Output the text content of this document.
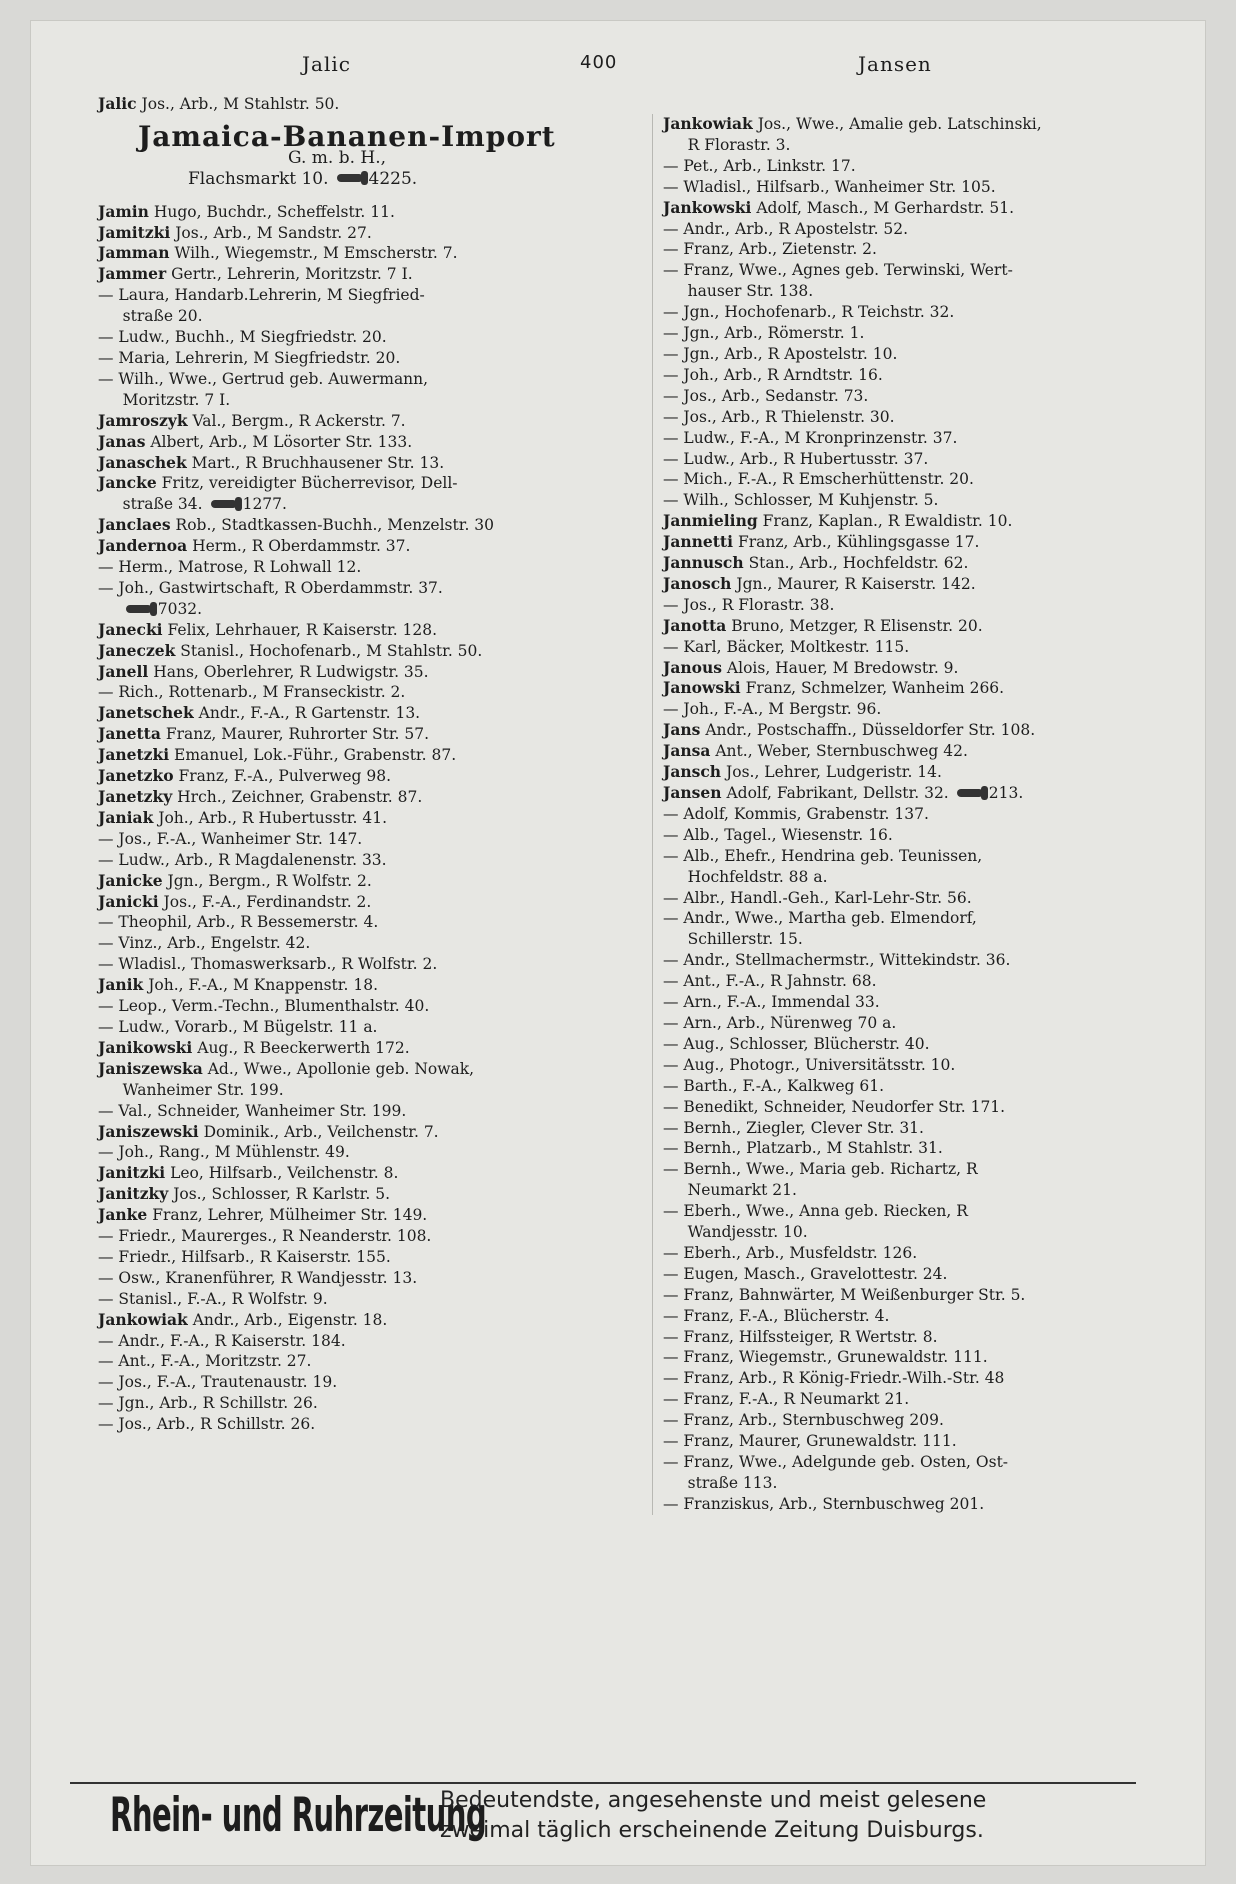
Jalic	400	Jansen
Jalic Jos., Arb., M Stahlstr. 50.
Jamaica-Bananen-Import
G. m. b. H.,
Flachsmarkt 10. 4225.
Jamin Hugo, Buchdr., Scheffelstr. 11.
Jamitzki Jos., Arb., M Sandstr. 27.
Jamman Wilh., Wiegemstr., M Emscherstr. 7.
Jammer Gertr., Lehrerin, Moritzstr. 7 I.
— Laura, Handarb.Lehrerin, M Siegfried-
straße 20.
— Ludw., Buchh., M Siegfriedstr. 20.
— Maria, Lehrerin, M Siegfriedstr. 20.
— Wilh., Wwe., Gertrud geb. Auwermann,
Moritzstr. 7 I.
Jamroszyk Val., Bergm., R Ackerstr. 7.
Janas Albert, Arb., M Lösorter Str. 133.
Janaschek Mart., R Bruchhausener Str. 13.
Jancke Fritz, vereidigter Bücherrevisor, Dell-
straße 34.	1277.
Janclaes Rob., Stadtkassen-Buchh., Menzelstr. 30
Jandernoa Herm., R Oberdammstr. 37.
— Herm., Matrose, R Lohwall 12.
— Joh., Gastwirtschaft, R Oberdammstr. 37.
7032.
Janecki Felix, Lehrhauer, R Kaiserstr. 128.
Janeczek Stanisl., Hochofenarb., M Stahlstr. 50.
Janell Hans, Oberlehrer, R Ludwigstr. 35.
— Rich., Rottenarb., M Franseckistr. 2.
Janetschek Andr., F.-A., R Gartenstr. 13.
Janetta Franz, Maurer, Ruhrorter Str. 57.
Janetzki Emanuel, Lok.-Führ., Grabenstr. 87.
Janetzko Franz, F.-A., Pulverweg 98.
Janetzky Hrch., Zeichner, Grabenstr. 87.
Janiak Joh., Arb., R Hubertusstr. 41.
— Jos., F.-A., Wanheimer Str. 147.
— Ludw., Arb., R Magdalenenstr. 33.
Janicke Jgn., Bergm., R Wolfstr. 2.
Janicki Jos., F.-A., Ferdinandstr. 2.
— Theophil, Arb., R Bessemerstr. 4.
— Vinz., Arb., Engelstr. 42.
— Wladisl., Thomaswerksarb., R Wolfstr. 2.
Janik Joh., F.-A., M Knappenstr. 18.
— Leop., Verm.-Techn., Blumenthalstr. 40.
— Ludw., Vorarb., M Bügelstr. 11 a.
Janikowski Aug., R Beeckerwerth 172.
Janiszewska Ad., Wwe., Apollonie geb. Nowak,
Wanheimer Str. 199.
— Val., Schneider, Wanheimer Str. 199.
Janiszewski Dominik., Arb., Veilchenstr. 7.
— Joh., Rang., M Mühlenstr. 49.
Janitzki Leo, Hilfsarb., Veilchenstr. 8.
Janitzky Jos., Schlosser, R Karlstr. 5.
Janke Franz, Lehrer, Mülheimer Str. 149.
— Friedr., Maurerges., R Neanderstr. 108.
— Friedr., Hilfsarb., R Kaiserstr. 155.
— Osw., Kranenführer, R Wandjesstr. 13.
— Stanisl., F.-A., R Wolfstr. 9.
Jankowiak Andr., Arb., Eigenstr. 18.
— Andr., F.-A., R Kaiserstr. 184.
— Ant., F.-A., Moritzstr. 27.
— Jos., F.-A., Trautenaustr. 19.
— Jgn., Arb., R Schillstr. 26.
— Jos., Arb., R Schillstr. 26.
Jankowiak Jos., Wwe., Amalie geb. Latschinski,
R Florastr. 3.
— Pet., Arb., Linkstr. 17.
— Wladisl., Hilfsarb., Wanheimer Str. 105.
Jankowski Adolf, Masch., M Gerhardstr. 51.
— Andr., Arb., R Apostelstr. 52.
— Franz, Arb., Zietenstr. 2.
— Franz, Wwe., Agnes geb. Terwinski, Wert-
hauser Str. 138.
— Jgn., Hochofenarb., R Teichstr. 32.
— Jgn., Arb., Römerstr. 1.
— Jgn., Arb., R Apostelstr. 10.
— Joh., Arb., R Arndtstr. 16.
— Jos., Arb., Sedanstr. 73.
— Jos., Arb., R Thielenstr. 30.
— Ludw., F.-A., M Kronprinzenstr. 37.
— Ludw., Arb., R Hubertusstr. 37.
— Mich., F.-A., R Emscherhüttenstr. 20.
— Wilh., Schlosser, M Kuhjenstr. 5.
Janmieling Franz, Kaplan., R Ewaldistr. 10.
Jannetti Franz, Arb., Kühlingsgasse 17.
Jannusch Stan., Arb., Hochfeldstr. 62.
Janosch Jgn., Maurer, R Kaiserstr. 142.
— Jos., R Florastr. 38.
Janotta Bruno, Metzger, R Elisenstr. 20.
— Karl, Bäcker, Moltkestr. 115.
Janous Alois, Hauer, M Bredowstr. 9.
Janowski Franz, Schmelzer, Wanheim 266.
— Joh., F.-A., M Bergstr. 96.
Jans Andr., Postschaffn., Düsseldorfer Str. 108.
Jansa Ant., Weber, Sternbuschweg 42.
Jansch Jos., Lehrer, Ludgeristr. 14.
Jansen Adolf, Fabrikant, Dellstr. 32.	213.
— Adolf, Kommis, Grabenstr. 137.
— Alb., Tagel., Wiesenstr. 16.
— Alb., Ehefr., Hendrina geb. Teunissen,
Hochfeldstr. 88 a.
— Albr., Handl.-Geh., Karl-Lehr-Str. 56.
— Andr., Wwe., Martha geb. Elmendorf,
Schillerstr. 15.
— Andr., Stellmachermstr., Wittekindstr. 36.
— Ant., F.-A., R Jahnstr. 68.
— Arn., F.-A., Immendal 33.
— Arn., Arb., Nürenweg 70 a.
— Aug., Schlosser, Blücherstr. 40.
— Aug., Photogr., Universitätsstr. 10.
— Barth., F.-A., Kalkweg 61.
— Benedikt, Schneider, Neudorfer Str. 171.
— Bernh., Ziegler, Clever Str. 31.
— Bernh., Platzarb., M Stahlstr. 31.
— Bernh., Wwe., Maria geb. Richartz, R
Neumarkt 21.
— Eberh., Wwe., Anna geb. Riecken, R
Wandjesstr. 10.
— Eberh., Arb., Musfeldstr. 126.
— Eugen, Masch., Gravelottestr. 24.
— Franz, Bahnwärter, M Weißenburger Str. 5.
— Franz, F.-A., Blücherstr. 4.
— Franz, Hilfssteiger, R Wertstr. 8.
— Franz, Wiegemstr., Grunewaldstr. 111.
— Franz, Arb., R König-Friedr.-Wilh.-Str. 48
— Franz, F.-A., R Neumarkt 21.
— Franz, Arb., Sternbuschweg 209.
— Franz, Maurer, Grunewaldstr. 111.
— Franz, Wwe., Adelgunde geb. Osten, Ost-
straße 113.
— Franziskus, Arb., Sternbuschweg 201.
Rhein- und Ruhrzeitung
Bedeutendste, angesehenste und meist gelesene
zweimal täglich erscheinende Zeitung Duisburgs.
